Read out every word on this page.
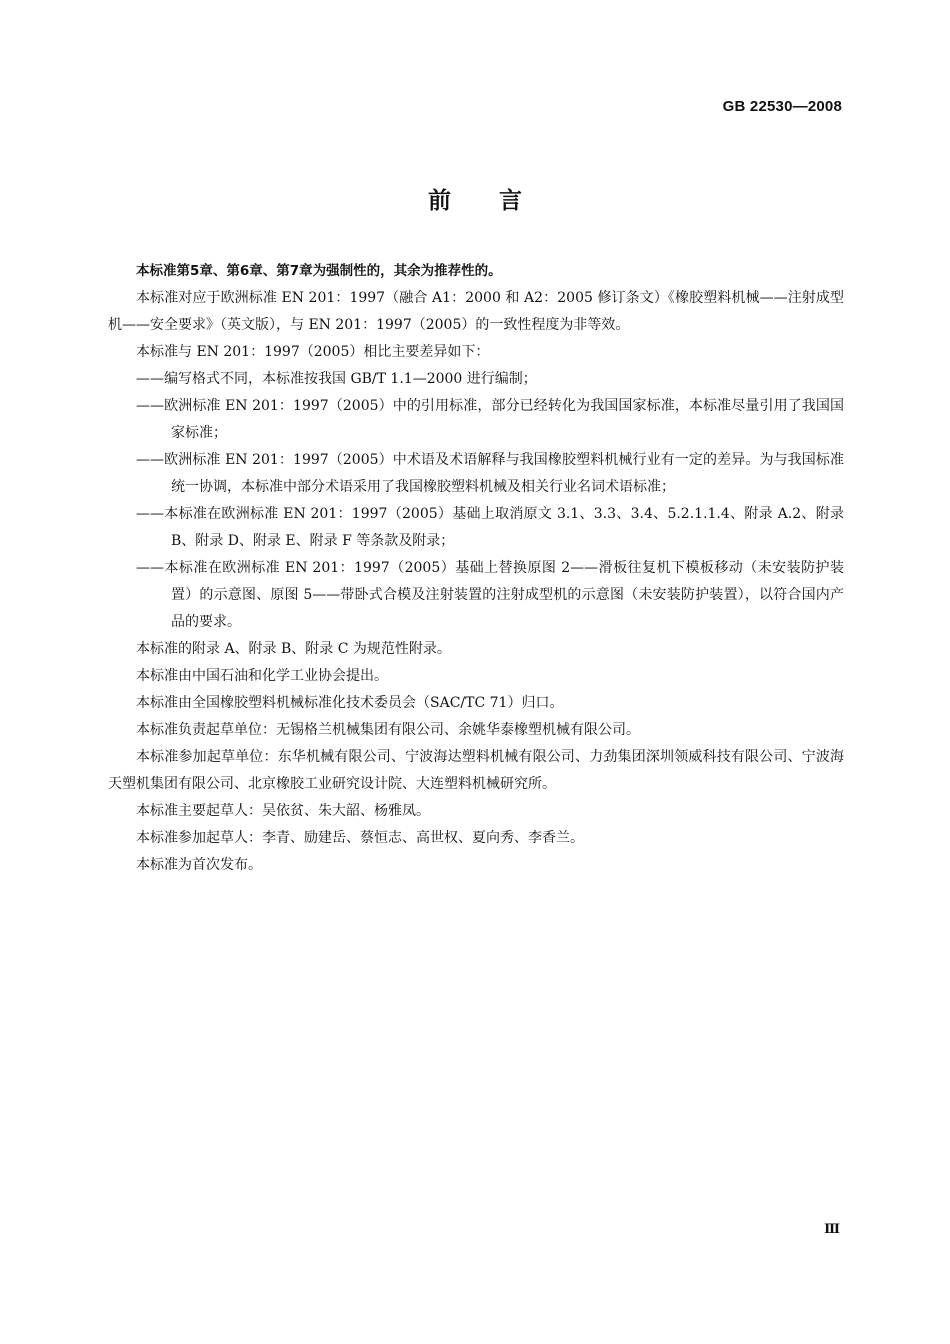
GB 22530—2008
前 言

本标准第5章、第6章、第7章为强制性的，其余为推荐性的。

本标准对应于欧洲标准 EN 201：1997（融合 A1：2000 和 A2：2005 修订条文）《橡胶塑料机械——注射成型机——安全要求》（英文版），与 EN 201：1997（2005）的一致性程度为非等效。

本标准与 EN 201：1997（2005）相比主要差异如下：

——编写格式不同，本标准按我国 GB/T 1.1—2000 进行编制；

——欧洲标准 EN 201：1997（2005）中的引用标准，部分已经转化为我国国家标准，本标准尽量引用了我国国家标准；

——欧洲标准 EN 201：1997（2005）中术语及术语解释与我国橡胶塑料机械行业有一定的差异。为与我国标准统一协调，本标准中部分术语采用了我国橡胶塑料机械及相关行业名词术语标准；

——本标准在欧洲标准 EN 201：1997（2005）基础上取消原文 3.1、3.3、3.4、5.2.1.1.4、附录 A.2、附录 B、附录 D、附录 E、附录 F 等条款及附录；

——本标准在欧洲标准 EN 201：1997（2005）基础上替换原图 2——滑板往复机下模板移动（未安装防护装置）的示意图、原图 5——带卧式合模及注射装置的注射成型机的示意图（未安装防护装置），以符合国内产品的要求。

本标准的附录 A、附录 B、附录 C 为规范性附录。

本标准由中国石油和化学工业协会提出。

本标准由全国橡胶塑料机械标准化技术委员会（SAC/TC 71）归口。

本标准负责起草单位：无锡格兰机械集团有限公司、余姚华泰橡塑机械有限公司。

本标准参加起草单位：东华机械有限公司、宁波海达塑料机械有限公司、力劲集团深圳领威科技有限公司、宁波海天塑机集团有限公司、北京橡胶工业研究设计院、大连塑料机械研究所。

本标准主要起草人：吴依贫、朱大韶、杨雅凤。

本标准参加起草人：李青、励建岳、蔡恒志、高世权、夏向秀、李香兰。

本标准为首次发布。

Ⅲ
